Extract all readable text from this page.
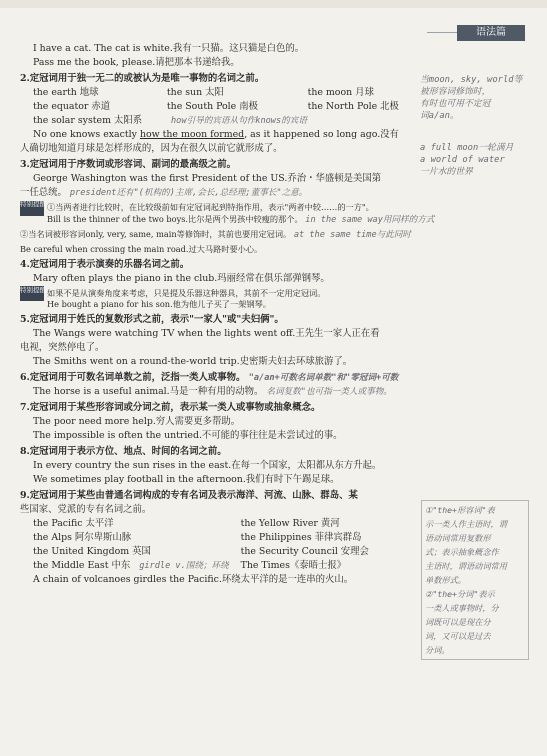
语法篇
I have a cat. The cat is white.我有一只猫。这只猫是白色的。
Pass me the book, please.请把那本书递给我。
2.定冠词用于独一无二的或被认为是唯一事物的名词之前。
the earth 地球	the sun 太阳	the moon 月球
the equator 赤道	the South Pole 南极	the North Pole 北极
the solar system 太阳系	how引导的宾语从句作knows的宾语
No one knows exactly how the moon formed, as it happened so long ago.没有
人确切地知道月球是怎样形成的，因为在很久以前它就形成了。
3.定冠词用于序数词或形容词、副词的最高级之前。
George Washington was the first President of the US.乔治・华盛顿是美国第
一任总统。 president还有"(机构的)主席,会长,总经理;董事长"之意。
特别提醒①当两者进行比较时，在比较级前如有定冠词起到特指作用，表示"两者中较……的一方"。
Bill is the thinner of the two boys.比尔是两个男孩中较瘦的那个。 in the same way用同样的方式
②当名词被形容词only, very, same, main等修饰时，其前也要用定冠词。 at the same time与此同时
Be careful when crossing the main road.过大马路时要小心。
4.定冠词用于表示演奏的乐器名词之前。
Mary often plays the piano in the club.玛丽经常在俱乐部弹钢琴。
特别提醒如果不是从演奏角度来考虑，只是提及乐器这种器具，其前不一定用定冠词。
He bought a piano for his son.他为他儿子买了一架钢琴。
5.定冠词用于姓氏的复数形式之前，表示"一家人"或"夫妇俩"。
The Wangs were watching TV when the lights went off.王先生一家人正在看
电视，突然停电了。
The Smiths went on a round-the-world trip.史密斯夫妇去环球旅游了。
6.定冠词用于可数名词单数之前，泛指一类人或事物。 "a/an+可数名词单数"和"零冠词+可数
The horse is a useful animal.马是一种有用的动物。 名词复数"也可指一类人或事物。
7.定冠词用于某些形容词或分词之前，表示某一类人或事物或抽象概念。
The poor need more help.穷人需要更多帮助。
The impossible is often the untried.不可能的事往往是未尝试过的事。
8.定冠词用于表示方位、地点、时间的名词之前。
In every country the sun rises in the east.在每一个国家，太阳都从东方升起。
We sometimes play football in the afternoon.我们有时下午踢足球。
9.定冠词用于某些由普通名词构成的专有名词及表示海洋、河流、山脉、群岛、某
些国家、党派的专有名词之前。
the Pacific 太平洋	the Yellow River 黄河
the Alps 阿尔卑斯山脉	the Philippines 菲律宾群岛
the United Kingdom 英国	the Security Council 安理会
the Middle East 中东	girdle v.围绕；环绕	The Times《泰晤士报》
A chain of volcanoes girdles the Pacific.环绕太平洋的是一连串的火山。
当moon, sky, world等
被形容词修饰时，
有时也可用不定冠
词a/an。
a full moon一轮满月
a world of water
一片水的世界
①"the+形容词"表
示一类人作主语时，谓
语动词常用复数形
式；表示抽象概念作
主语时，谓语动词常用
单数形式。
②"the+分词"表示
一类人或事物时，分
词既可以是现在分
词，又可以是过去
分词。
